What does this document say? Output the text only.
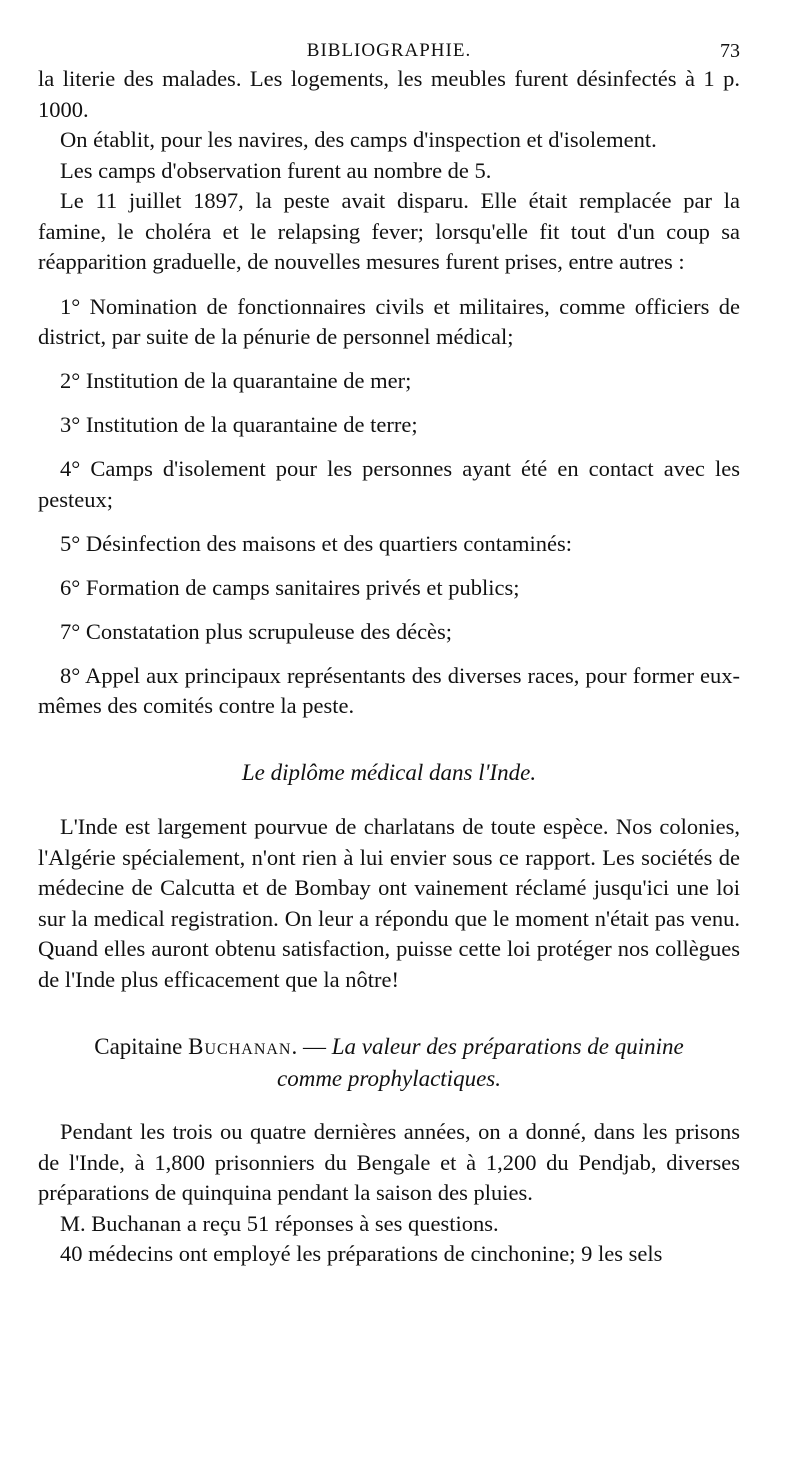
BIBLIOGRAPHIE.	73

la literie des malades. Les logements, les meubles furent désinfectés à 1 p. 1000.

On établit, pour les navires, des camps d'inspection et d'isolement.

Les camps d'observation furent au nombre de 5.

Le 11 juillet 1897, la peste avait disparu. Elle était remplacée par la famine, le choléra et le relapsing fever; lorsqu'elle fit tout d'un coup sa réapparition graduelle, de nouvelles mesures furent prises, entre autres :

1° Nomination de fonctionnaires civils et militaires, comme officiers de district, par suite de la pénurie de personnel médical;

2° Institution de la quarantaine de mer;

3° Institution de la quarantaine de terre;

4° Camps d'isolement pour les personnes ayant été en contact avec les pesteux;

5° Désinfection des maisons et des quartiers contaminés:

6° Formation de camps sanitaires privés et publics;

7° Constatation plus scrupuleuse des décès;

8° Appel aux principaux représentants des diverses races, pour former eux-mêmes des comités contre la peste.

Le diplôme médical dans l'Inde.

L'Inde est largement pourvue de charlatans de toute espèce. Nos colonies, l'Algérie spécialement, n'ont rien à lui envier sous ce rapport. Les sociétés de médecine de Calcutta et de Bombay ont vainement réclamé jusqu'ici une loi sur la medical registration. On leur a répondu que le moment n'était pas venu. Quand elles auront obtenu satisfaction, puisse cette loi protéger nos collègues de l'Inde plus efficacement que la nôtre!

Capitaine Buchanan. — La valeur des préparations de quinine comme prophylactiques.

Pendant les trois ou quatre dernières années, on a donné, dans les prisons de l'Inde, à 1,800 prisonniers du Bengale et à 1,200 du Pendjab, diverses préparations de quinquina pendant la saison des pluies.

M. Buchanan a reçu 51 réponses à ses questions.

40 médecins ont employé les préparations de cinchonine; 9 les sels
